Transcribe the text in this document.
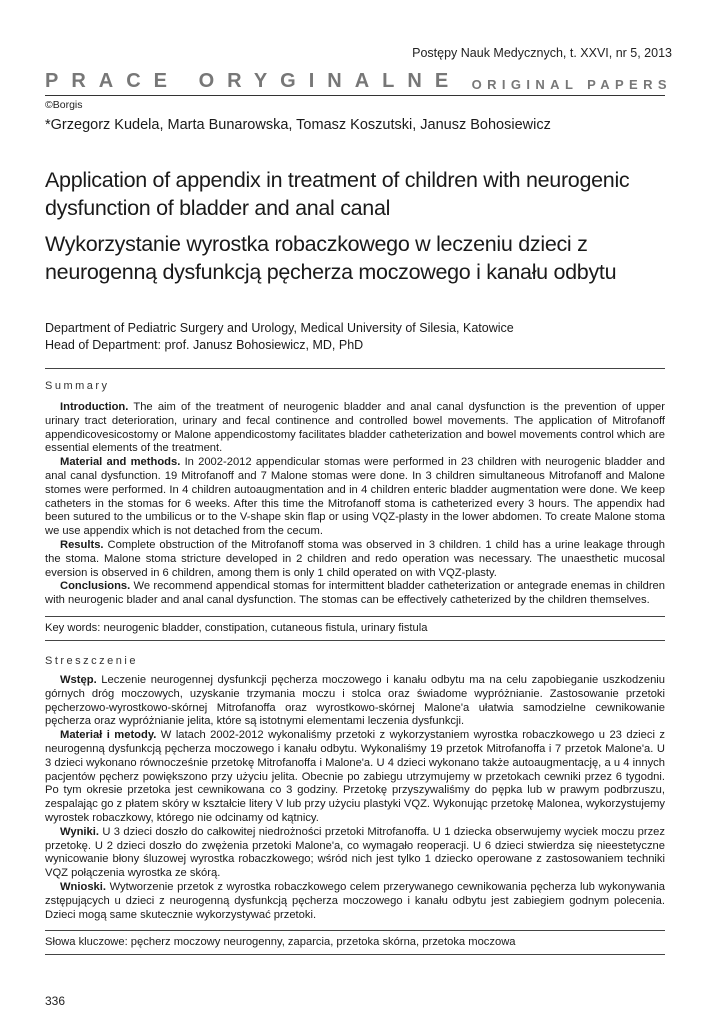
Postępy Nauk Medycznych, t. XXVI, nr 5, 2013
PRACE ORYGINALNE ORIGINAL PAPERS
©Borgis
*Grzegorz Kudela, Marta Bunarowska, Tomasz Koszutski, Janusz Bohosiewicz
Application of appendix in treatment of children with neurogenic dysfunction of bladder and anal canal
Wykorzystanie wyrostka robaczkowego w leczeniu dzieci z neurogenną dysfunkcją pęcherza moczowego i kanału odbytu
Department of Pediatric Surgery and Urology, Medical University of Silesia, Katowice
Head of Department: prof. Janusz Bohosiewicz, MD, PhD
Summary

Introduction. The aim of the treatment of neurogenic bladder and anal canal dysfunction is the prevention of upper urinary tract deterioration, urinary and fecal continence and controlled bowel movements. The application of Mitrofanoff appendicovesicostomy or Malone appendicostomy facilitates bladder catheterization and bowel movements control which are essential elements of the treatment.

Material and methods. In 2002-2012 appendicular stomas were performed in 23 children with neurogenic bladder and anal canal dysfunction. 19 Mitrofanoff and 7 Malone stomas were done. In 3 children simultaneous Mitrofanoff and Malone stomes were performed. In 4 children autoaugmentation and in 4 children enteric bladder augmentation were done. We keep catheters in the stomas for 6 weeks. After this time the Mitrofanoff stoma is catheterized every 3 hours. The appendix had been sutured to the umbilicus or to the V-shape skin flap or using VQZ-plasty in the lower abdomen. To create Malone stoma we use appendix which is not detached from the cecum.

Results. Complete obstruction of the Mitrofanoff stoma was observed in 3 children. 1 child has a urine leakage through the stoma. Malone stoma stricture developed in 2 children and redo operation was necessary. The unaesthetic mucosal eversion is observed in 6 children, among them is only 1 child operated on with VQZ-plasty.

Conclusions. We recommend appendical stomas for intermittent bladder catheterization or antegrade enemas in children with neurogenic blader and anal canal dysfunction. The stomas can be effectively catheterized by the children themselves.

Key words: neurogenic bladder, constipation, cutaneous fistula, urinary fistula
Streszczenie

Wstęp. Leczenie neurogennej dysfunkcji pęcherza moczowego i kanału odbytu ma na celu zapobieganie uszkodzeniu górnych dróg moczowych, uzyskanie trzymania moczu i stolca oraz świadome wypróżnianie. Zastosowanie przetoki pęcherzowo-wyrostkowo-skórnej Mitrofanoffa oraz wyrostkowo-skórnej Malone'a ułatwia samodzielne cewnikowanie pęcherza oraz wypróżnianie jelita, które są istotnymi elementami leczenia dysfunkcji.

Materiał i metody. W latach 2002-2012 wykonaliśmy przetoki z wykorzystaniem wyrostka robaczkowego u 23 dzieci z neurogenną dysfunkcją pęcherza moczowego i kanału odbytu. Wykonaliśmy 19 przetok Mitrofanoffa i 7 przetok Malone'a. U 3 dzieci wykonano równocześnie przetokę Mitrofanoffa i Malone'a. U 4 dzieci wykonano także autoaugmentację, a u 4 innych pacjentów pęcherz powiększono przy użyciu jelita. Obecnie po zabiegu utrzymujemy w przetokach cewniki przez 6 tygodni. Po tym okresie przetoka jest cewnikowana co 3 godziny. Przetokę przyszywaliśmy do pępka lub w prawym podbrzuszu, zespalając go z płatem skóry w kształcie litery V lub przy użyciu plastyki VQZ. Wykonując przetokę Malonea, wykorzystujemy wyrostek robaczkowy, którego nie odcinamy od kątnicy.

Wyniki. U 3 dzieci doszło do całkowitej niedrożności przetoki Mitrofanoffa. U 1 dziecka obserwujemy wyciek moczu przez przetokę. U 2 dzieci doszło do zwężenia przetoki Malone'a, co wymagało reoperacji. U 6 dzieci stwierdza się nieestetyczne wynicowanie błony śluzowej wyrostka robaczkowego; wśród nich jest tylko 1 dziecko operowane z zastosowaniem techniki VQZ połączenia wyrostka ze skórą.

Wnioski. Wytworzenie przetok z wyrostka robaczkowego celem przerywanego cewnikowania pęcherza lub wykonywania zstępujących u dzieci z neurogenną dysfunkcją pęcherza moczowego i kanału odbytu jest zabiegiem godnym polecenia. Dzieci mogą same skutecznie wykorzystywać przetoki.

Słowa kluczowe: pęcherz moczowy neurogenny, zaparcia, przetoka skórna, przetoka moczowa
336
